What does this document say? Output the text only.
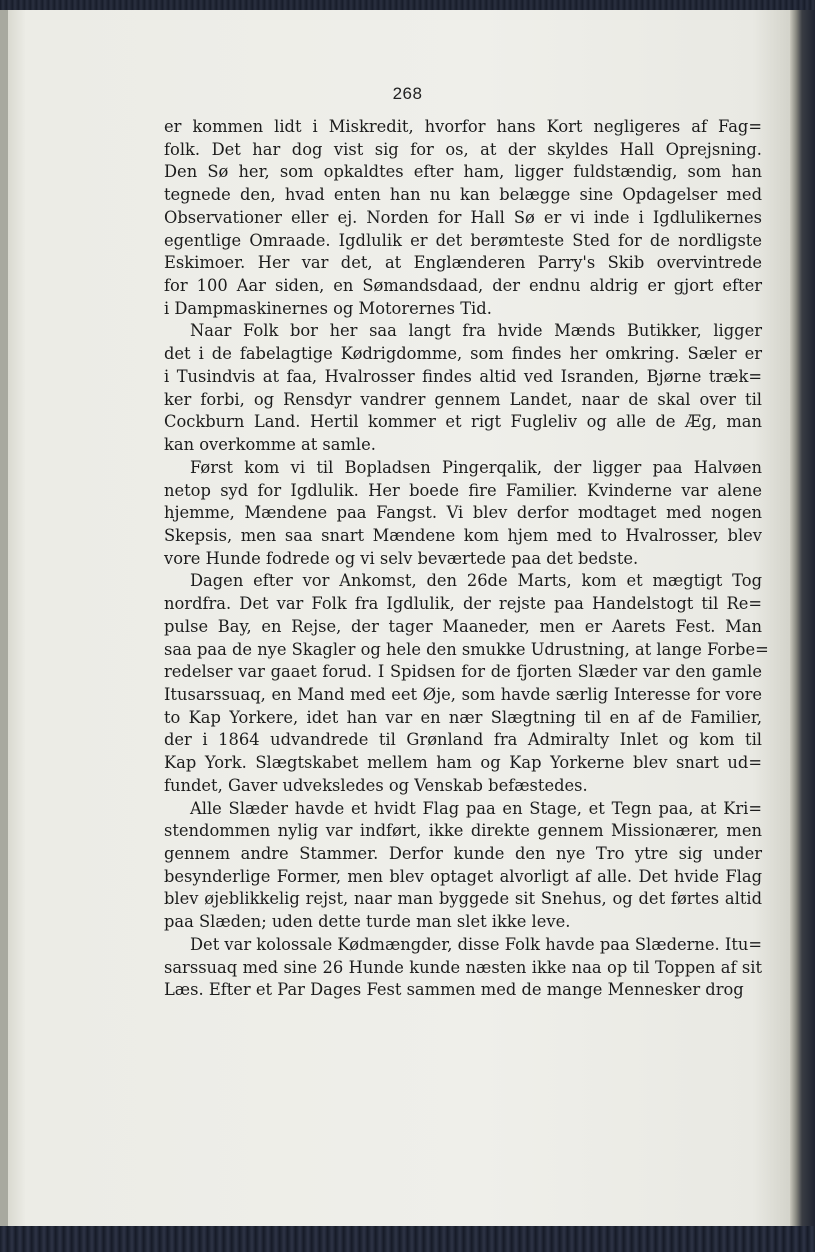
268
er kommen lidt i Miskredit, hvorfor hans Kort negligeres af Fag=
folk. Det har dog vist sig for os, at der skyldes Hall Oprejsning.
Den Sø her, som opkaldtes efter ham, ligger fuldstændig, som han
tegnede den, hvad enten han nu kan belægge sine Opdagelser med
Observationer eller ej. Norden for Hall Sø er vi inde i Igdlulikernes
egentlige Omraade. Igdlulik er det berømteste Sted for de nordligste
Eskimoer. Her var det, at Englænderen Parry's Skib overvintrede
for 100 Aar siden, en Sømandsdaad, der endnu aldrig er gjort efter
i Dampmaskinernes og Motorernes Tid.
Naar Folk bor her saa langt fra hvide Mænds Butikker, ligger
det i de fabelagtige Kødrigdomme, som findes her omkring. Sæler er
i Tusindvis at faa, Hvalrosser findes altid ved Isranden, Bjørne træk=
ker forbi, og Rensdyr vandrer gennem Landet, naar de skal over til
Cockburn Land. Hertil kommer et rigt Fugleliv og alle de Æg, man
kan overkomme at samle.
Først kom vi til Bopladsen Pingerqalik, der ligger paa Halvøen
netop syd for Igdlulik. Her boede fire Familier. Kvinderne var alene
hjemme, Mændene paa Fangst. Vi blev derfor modtaget med nogen
Skepsis, men saa snart Mændene kom hjem med to Hvalrosser, blev
vore Hunde fodrede og vi selv beværtede paa det bedste.
Dagen efter vor Ankomst, den 26de Marts, kom et mægtigt Tog
nordfra. Det var Folk fra Igdlulik, der rejste paa Handelstogt til Re=
pulse Bay, en Rejse, der tager Maaneder, men er Aarets Fest. Man
saa paa de nye Skagler og hele den smukke Udrustning, at lange Forbe=
redelser var gaaet forud. I Spidsen for de fjorten Slæder var den gamle
Itusarssuaq, en Mand med eet Øje, som havde særlig Interesse for vore
to Kap Yorkere, idet han var en nær Slægtning til en af de Familier,
der i 1864 udvandrede til Grønland fra Admiralty Inlet og kom til
Kap York. Slægtskabet mellem ham og Kap Yorkerne blev snart ud=
fundet, Gaver udveksledes og Venskab befæstedes.
Alle Slæder havde et hvidt Flag paa en Stage, et Tegn paa, at Kri=
stendommen nylig var indført, ikke direkte gennem Missionærer, men
gennem andre Stammer. Derfor kunde den nye Tro ytre sig under
besynderlige Former, men blev optaget alvorligt af alle. Det hvide Flag
blev øjeblikkelig rejst, naar man byggede sit Snehus, og det førtes altid
paa Slæden; uden dette turde man slet ikke leve.
Det var kolossale Kødmængder, disse Folk havde paa Slæderne. Itu=
sarssuaq med sine 26 Hunde kunde næsten ikke naa op til Toppen af sit
Læs. Efter et Par Dages Fest sammen med de mange Mennesker drog
